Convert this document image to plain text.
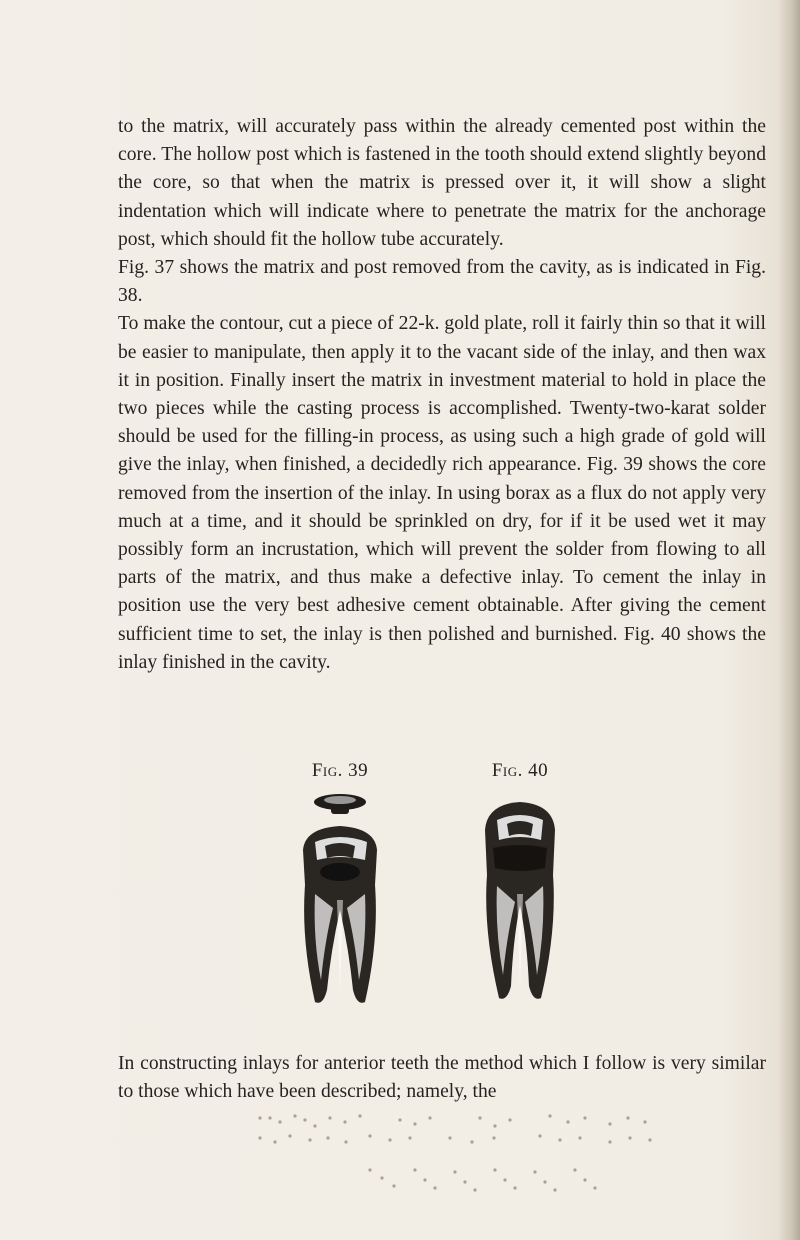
to the matrix, will accurately pass within the already cemented post within the core. The hollow post which is fastened in the tooth should extend slightly beyond the core, so that when the matrix is pressed over it, it will show a slight indentation which will indicate where to penetrate the matrix for the anchorage post, which should fit the hollow tube accurately.

Fig. 37 shows the matrix and post removed from the cavity, as is indicated in Fig. 38.

To make the contour, cut a piece of 22-k. gold plate, roll it fairly thin so that it will be easier to manipulate, then apply it to the vacant side of the inlay, and then wax it in position. Finally insert the matrix in investment material to hold in place the two pieces while the casting process is accomplished. Twenty-two-karat solder should be used for the filling-in process, as using such a high grade of gold will give the inlay, when finished, a decidedly rich appearance. Fig. 39 shows the core removed from the insertion of the inlay. In using borax as a flux do not apply very much at a time, and it should be sprinkled on dry, for if it be used wet it may possibly form an incrustation, which will prevent the solder from flowing to all parts of the matrix, and thus make a defective inlay. To cement the inlay in position use the very best adhesive cement obtainable. After giving the cement sufficient time to set, the inlay is then polished and burnished. Fig. 40 shows the inlay finished in the cavity.

Fig. 39	Fig. 40

In constructing inlays for anterior teeth the method which I follow is very similar to those which have been described; namely, the
